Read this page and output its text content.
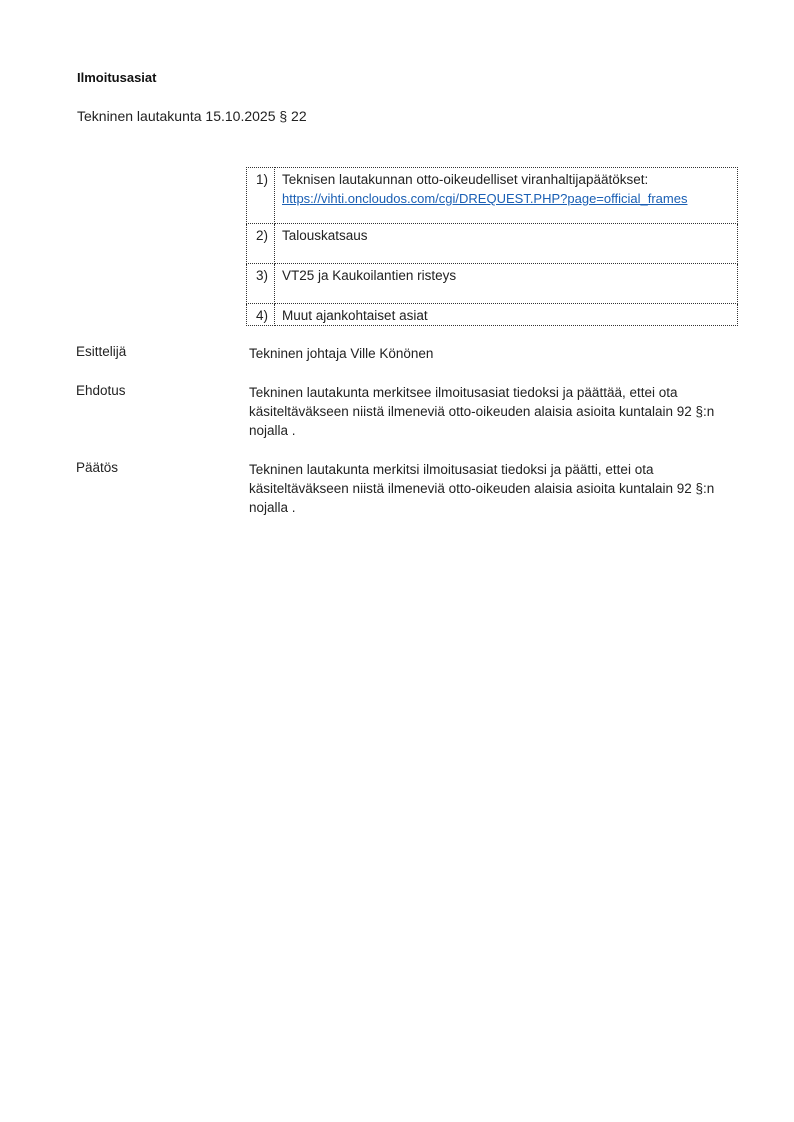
Ilmoitusasiat
Tekninen lautakunta 15.10.2025 § 22
1)	Teknisen lautakunnan otto-oikeudelliset viranhaltijapäätökset:
https://vihti.oncloudos.com/cgi/DREQUEST.PHP?page=official_frames
2)	Talouskatsaus
3)	VT25 ja Kaukoilantien risteys
4)	Muut ajankohtaiset asiat
Esittelijä	Tekninen johtaja Ville Könönen
Ehdotus	Tekninen lautakunta merkitsee ilmoitusasiat tiedoksi ja päättää, ettei ota käsiteltäväkseen niistä ilmeneviä otto-oikeuden alaisia asioita kuntalain 92 §:n nojalla .
Päätös	Tekninen lautakunta merkitsi ilmoitusasiat tiedoksi ja päätti, ettei ota käsiteltäväkseen niistä ilmeneviä otto-oikeuden alaisia asioita kuntalain 92 §:n nojalla .
